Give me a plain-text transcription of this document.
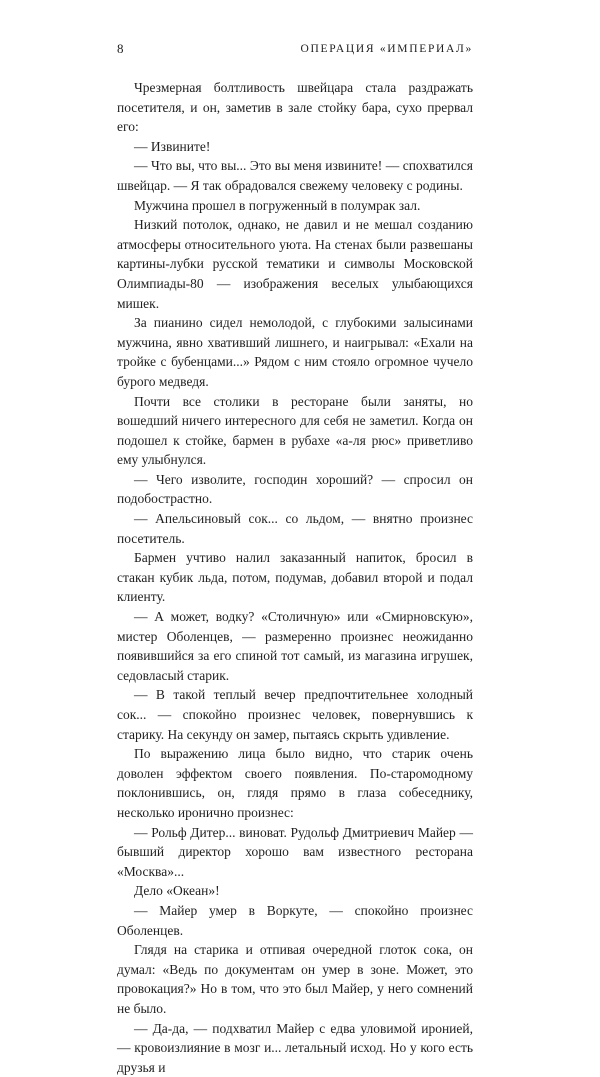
8	ОПЕРАЦИЯ «ИМПЕРИАЛ»

Чрезмерная болтливость швейцара стала раздражать посетителя, и он, заметив в зале стойку бара, сухо прервал его:

— Извините!

— Что вы, что вы... Это вы меня извините! — спохватился швейцар. — Я так обрадовался свежему человеку с родины.

Мужчина прошел в погруженный в полумрак зал.

Низкий потолок, однако, не давил и не мешал созданию атмосферы относительного уюта. На стенах были развешаны картины-лубки русской тематики и символы Московской Олимпиады-80 — изображения веселых улыбающихся мишек.

За пианино сидел немолодой, с глубокими залысинами мужчина, явно хвативший лишнего, и наигрывал: «Ехали на тройке с бубенцами...» Рядом с ним стояло огромное чучело бурого медведя.

Почти все столики в ресторане были заняты, но вошедший ничего интересного для себя не заметил. Когда он подошел к стойке, бармен в рубахе «а-ля рюс» приветливо ему улыбнулся.

— Чего изволите, господин хороший? — спросил он подобострастно.

— Апельсиновый сок... со льдом, — внятно произнес посетитель.

Бармен учтиво налил заказанный напиток, бросил в стакан кубик льда, потом, подумав, добавил второй и подал клиенту.

— А может, водку? «Столичную» или «Смирновскую», мистер Оболенцев, — размеренно произнес неожиданно появившийся за его спиной тот самый, из магазина игрушек, седовласый старик.

— В такой теплый вечер предпочтительнее холодный сок... — спокойно произнес человек, повернувшись к старику. На секунду он замер, пытаясь скрыть удивление.

По выражению лица было видно, что старик очень доволен эффектом своего появления. По-старомодному поклонившись, он, глядя прямо в глаза собеседнику, несколько иронично произнес:

— Рольф Дитер... виноват. Рудольф Дмитриевич Майер — бывший директор хорошо вам известного ресторана «Москва»...

Дело «Океан»!

— Майер умер в Воркуте, — спокойно произнес Оболенцев.

Глядя на старика и отпивая очередной глоток сока, он думал: «Ведь по документам он умер в зоне. Может, это провокация?» Но в том, что это был Майер, у него сомнений не было.

— Да-да, — подхватил Майер с едва уловимой иронией, — кровоизлияние в мозг и... летальный исход. Но у кого есть друзья и
